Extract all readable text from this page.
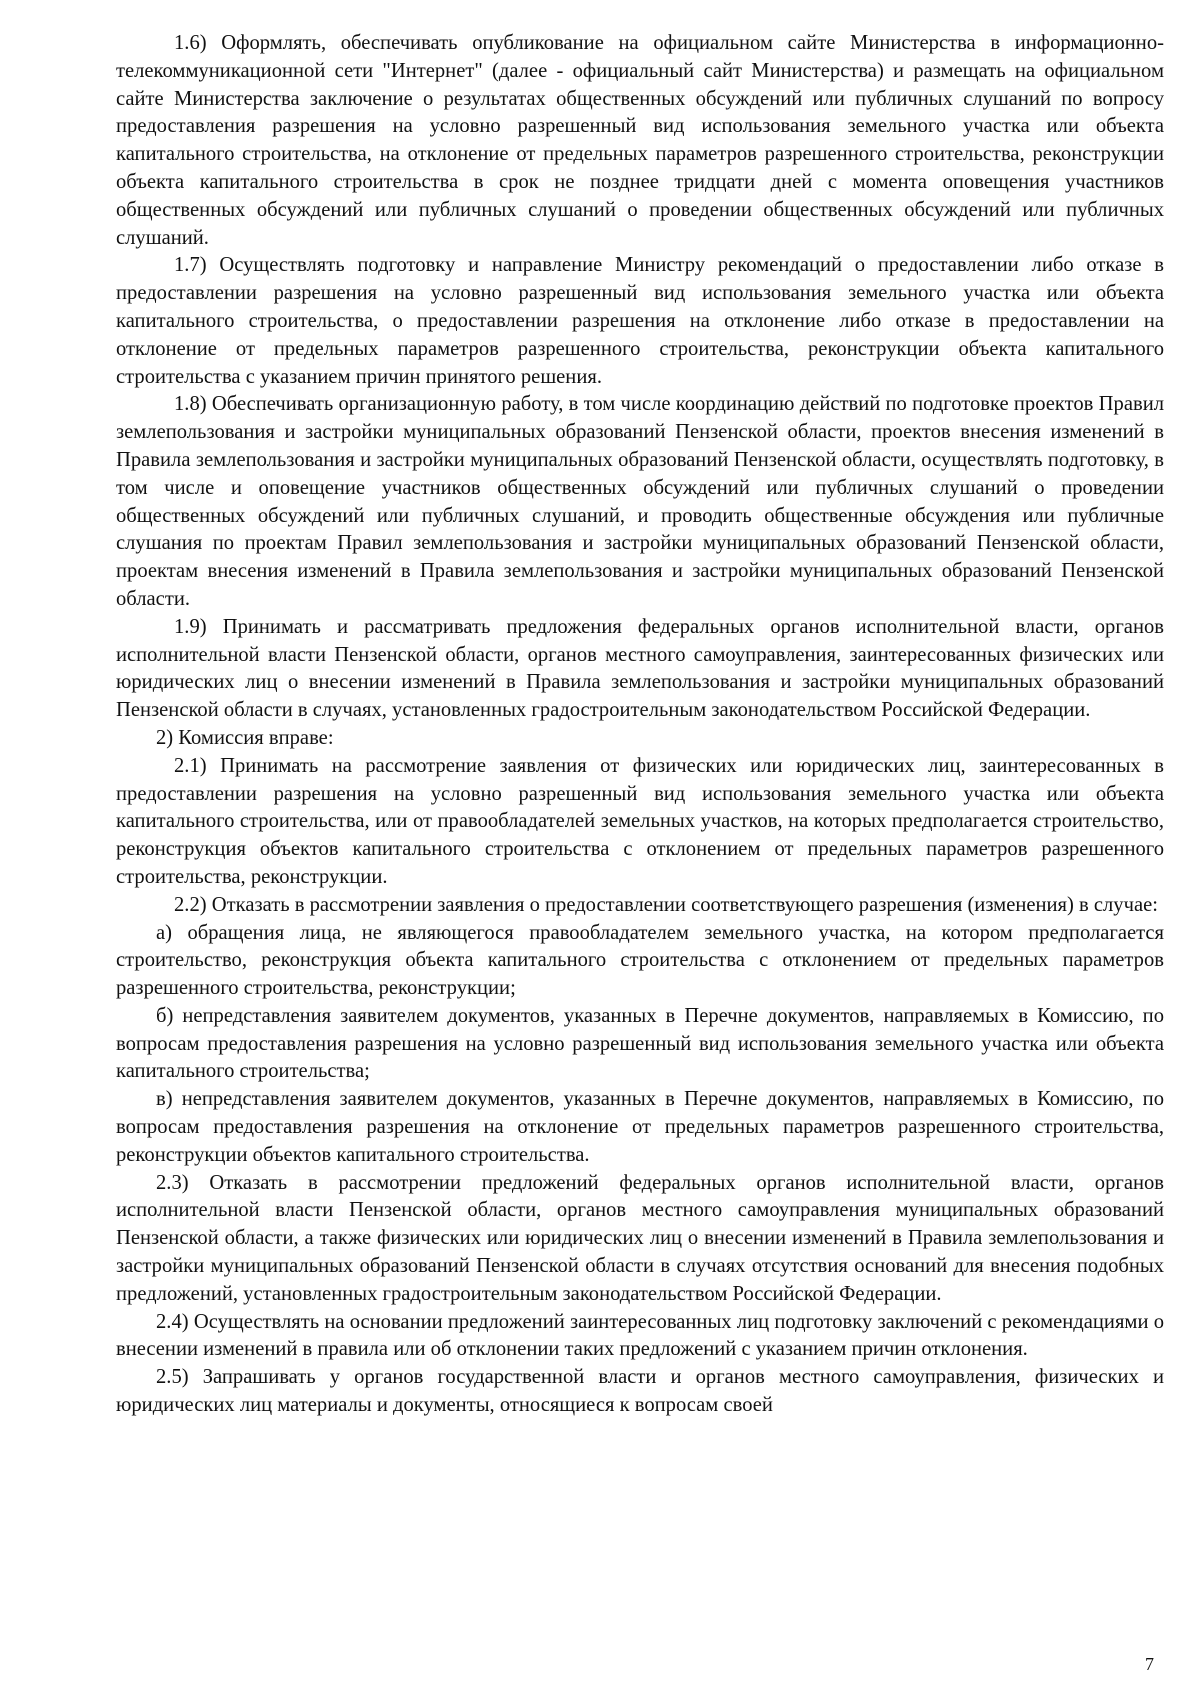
1.6) Оформлять, обеспечивать опубликование на официальном сайте Министерства в информационно-телекоммуникационной сети "Интернет" (далее - официальный сайт Министерства) и размещать на официальном сайте Министерства заключение о результатах общественных обсуждений или публичных слушаний по вопросу предоставления разрешения на условно разрешенный вид использования земельного участка или объекта капитального строительства, на отклонение от предельных параметров разрешенного строительства, реконструкции объекта капитального строительства в срок не позднее тридцати дней с момента оповещения участников общественных обсуждений или публичных слушаний о проведении общественных обсуждений или публичных слушаний.

1.7) Осуществлять подготовку и направление Министру рекомендаций о предоставлении либо отказе в предоставлении разрешения на условно разрешенный вид использования земельного участка или объекта капитального строительства, о предоставлении разрешения на отклонение либо отказе в предоставлении на отклонение от предельных параметров разрешенного строительства, реконструкции объекта капитального строительства с указанием причин принятого решения.

1.8) Обеспечивать организационную работу, в том числе координацию действий по подготовке проектов Правил землепользования и застройки муниципальных образований Пензенской области, проектов внесения изменений в Правила землепользования и застройки муниципальных образований Пензенской области, осуществлять подготовку, в том числе и оповещение участников общественных обсуждений или публичных слушаний о проведении общественных обсуждений или публичных слушаний, и проводить общественные обсуждения или публичные слушания по проектам Правил землепользования и застройки муниципальных образований Пензенской области, проектам внесения изменений в Правила землепользования и застройки муниципальных образований Пензенской области.

1.9) Принимать и рассматривать предложения федеральных органов исполнительной власти, органов исполнительной власти Пензенской области, органов местного самоуправления, заинтересованных физических или юридических лиц о внесении изменений в Правила землепользования и застройки муниципальных образований Пензенской области в случаях, установленных градостроительным законодательством Российской Федерации.

2) Комиссия вправе:

2.1) Принимать на рассмотрение заявления от физических или юридических лиц, заинтересованных в предоставлении разрешения на условно разрешенный вид использования земельного участка или объекта капитального строительства, или от правообладателей земельных участков, на которых предполагается строительство, реконструкция объектов капитального строительства с отклонением от предельных параметров разрешенного строительства, реконструкции.

2.2) Отказать в рассмотрении заявления о предоставлении соответствующего разрешения (изменения) в случае:

а) обращения лица, не являющегося правообладателем земельного участка, на котором предполагается строительство, реконструкция объекта капитального строительства с отклонением от предельных параметров разрешенного строительства, реконструкции;

б) непредставления заявителем документов, указанных в Перечне документов, направляемых в Комиссию, по вопросам предоставления разрешения на условно разрешенный вид использования земельного участка или объекта капитального строительства;

в) непредставления заявителем документов, указанных в Перечне документов, направляемых в Комиссию, по вопросам предоставления разрешения на отклонение от предельных параметров разрешенного строительства, реконструкции объектов капитального строительства.

2.3) Отказать в рассмотрении предложений федеральных органов исполнительной власти, органов исполнительной власти Пензенской области, органов местного самоуправления муниципальных образований Пензенской области, а также физических или юридических лиц о внесении изменений в Правила землепользования и застройки муниципальных образований Пензенской области в случаях отсутствия оснований для внесения подобных предложений, установленных градостроительным законодательством Российской Федерации.

2.4) Осуществлять на основании предложений заинтересованных лиц подготовку заключений с рекомендациями о внесении изменений в правила или об отклонении таких предложений с указанием причин отклонения.

2.5) Запрашивать у органов государственной власти и органов местного самоуправления, физических и юридических лиц материалы и документы, относящиеся к вопросам своей

7
